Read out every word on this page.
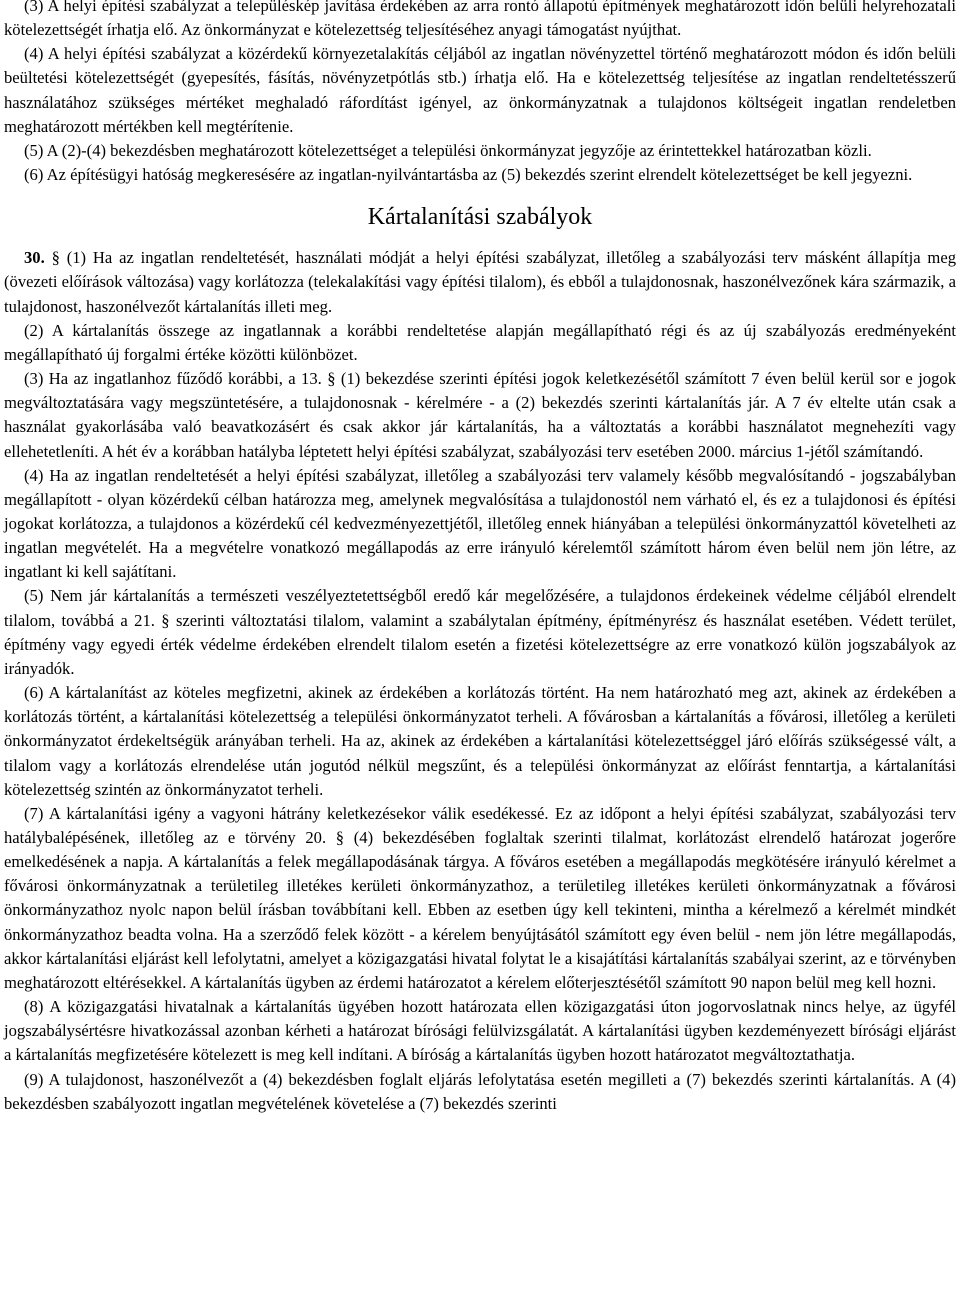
(3) A helyi építési szabályzat a településkép javítása érdekében az arra rontó állapotú építmények meghatározott időn belüli helyrehozatali kötelezettségét írhatja elő. Az önkormányzat e kötelezettség teljesítéséhez anyagi támogatást nyújthat.

(4) A helyi építési szabályzat a közérdekű környezetalakítás céljából az ingatlan növényzettel történő meghatározott módon és időn belüli beültetési kötelezettségét (gyepesítés, fásítás, növényzetpótlás stb.) írhatja elő. Ha e kötelezettség teljesítése az ingatlan rendeltetésszerű használatához szükséges mértéket meghaladó ráfordítást igényel, az önkormányzatnak a tulajdonos költségeit ingatlan rendeletben meghatározott mértékben kell megtérítenie.

(5) A (2)-(4) bekezdésben meghatározott kötelezettséget a települési önkormányzat jegyzője az érintettekkel határozatban közli.

(6) Az építésügyi hatóság megkeresésére az ingatlan-nyilvántartásba az (5) bekezdés szerint elrendelt kötelezettséget be kell jegyezni.

Kártalanítási szabályok

30. § (1) Ha az ingatlan rendeltetését, használati módját a helyi építési szabályzat, illetőleg a szabályozási terv másként állapítja meg (övezeti előírások változása) vagy korlátozza (telekalakítási vagy építési tilalom), és ebből a tulajdonosnak, haszonélvezőnek kára származik, a tulajdonost, haszonélvezőt kártalanítás illeti meg.

(2) A kártalanítás összege az ingatlannak a korábbi rendeltetése alapján megállapítható régi és az új szabályozás eredményeként megállapítható új forgalmi értéke közötti különbözet.

(3) Ha az ingatlanhoz fűződő korábbi, a 13. § (1) bekezdése szerinti építési jogok keletkezésétől számított 7 éven belül kerül sor e jogok megváltoztatására vagy megszüntetésére, a tulajdonosnak - kérelmére - a (2) bekezdés szerinti kártalanítás jár. A 7 év eltelte után csak a használat gyakorlásába való beavatkozásért és csak akkor jár kártalanítás, ha a változtatás a korábbi használatot megnehezíti vagy ellehetetleníti. A hét év a korábban hatályba léptetett helyi építési szabályzat, szabályozási terv esetében 2000. március 1-jétől számítandó.

(4) Ha az ingatlan rendeltetését a helyi építési szabályzat, illetőleg a szabályozási terv valamely később megvalósítandó - jogszabályban megállapított - olyan közérdekű célban határozza meg, amelynek megvalósítása a tulajdonostól nem várható el, és ez a tulajdonosi és építési jogokat korlátozza, a tulajdonos a közérdekű cél kedvezményezettjétől, illetőleg ennek hiányában a települési önkormányzattól követelheti az ingatlan megvételét. Ha a megvételre vonatkozó megállapodás az erre irányuló kérelemtől számított három éven belül nem jön létre, az ingatlant ki kell sajátítani.

(5) Nem jár kártalanítás a természeti veszélyeztetettségből eredő kár megelőzésére, a tulajdonos érdekeinek védelme céljából elrendelt tilalom, továbbá a 21. § szerinti változtatási tilalom, valamint a szabálytalan építmény, építményrész és használat esetében. Védett terület, építmény vagy egyedi érték védelme érdekében elrendelt tilalom esetén a fizetési kötelezettségre az erre vonatkozó külön jogszabályok az irányadók.

(6) A kártalanítást az köteles megfizetni, akinek az érdekében a korlátozás történt. Ha nem határozható meg azt, akinek az érdekében a korlátozás történt, a kártalanítási kötelezettség a települési önkormányzatot terheli. A fővárosban a kártalanítás a fővárosi, illetőleg a kerületi önkormányzatot érdekeltségük arányában terheli. Ha az, akinek az érdekében a kártalanítási kötelezettséggel járó előírás szükségessé vált, a tilalom vagy a korlátozás elrendelése után jogutód nélkül megszűnt, és a települési önkormányzat az előírást fenntartja, a kártalanítási kötelezettség szintén az önkormányzatot terheli.

(7) A kártalanítási igény a vagyoni hátrány keletkezésekor válik esedékessé. Ez az időpont a helyi építési szabályzat, szabályozási terv hatálybalépésének, illetőleg az e törvény 20. § (4) bekezdésében foglaltak szerinti tilalmat, korlátozást elrendelő határozat jogerőre emelkedésének a napja. A kártalanítás a felek megállapodásának tárgya. A főváros esetében a megállapodás megkötésére irányuló kérelmet a fővárosi önkormányzatnak a területileg illetékes kerületi önkormányzathoz, a területileg illetékes kerületi önkormányzatnak a fővárosi önkormányzathoz nyolc napon belül írásban továbbítani kell. Ebben az esetben úgy kell tekinteni, mintha a kérelmező a kérelmét mindkét önkormányzathoz beadta volna. Ha a szerződő felek között - a kérelem benyújtásától számított egy éven belül - nem jön létre megállapodás, akkor kártalanítási eljárást kell lefolytatni, amelyet a közigazgatási hivatal folytat le a kisajátítási kártalanítás szabályai szerint, az e törvényben meghatározott eltérésekkel. A kártalanítás ügyben az érdemi határozatot a kérelem előterjesztésétől számított 90 napon belül meg kell hozni.

(8) A közigazgatási hivatalnak a kártalanítás ügyében hozott határozata ellen közigazgatási úton jogorvoslatnak nincs helye, az ügyfél jogszabálysértésre hivatkozással azonban kérheti a határozat bírósági felülvizsgálatát. A kártalanítási ügyben kezdeményezett bírósági eljárást a kártalanítás megfizetésére kötelezett is meg kell indítani. A bíróság a kártalanítás ügyben hozott határozatot megváltoztathatja.

(9) A tulajdonost, haszonélvezőt a (4) bekezdésben foglalt eljárás lefolytatása esetén megilleti a (7) bekezdés szerinti kártalanítás. A (4) bekezdésben szabályozott ingatlan megvételének követelése a (7) bekezdés szerinti
